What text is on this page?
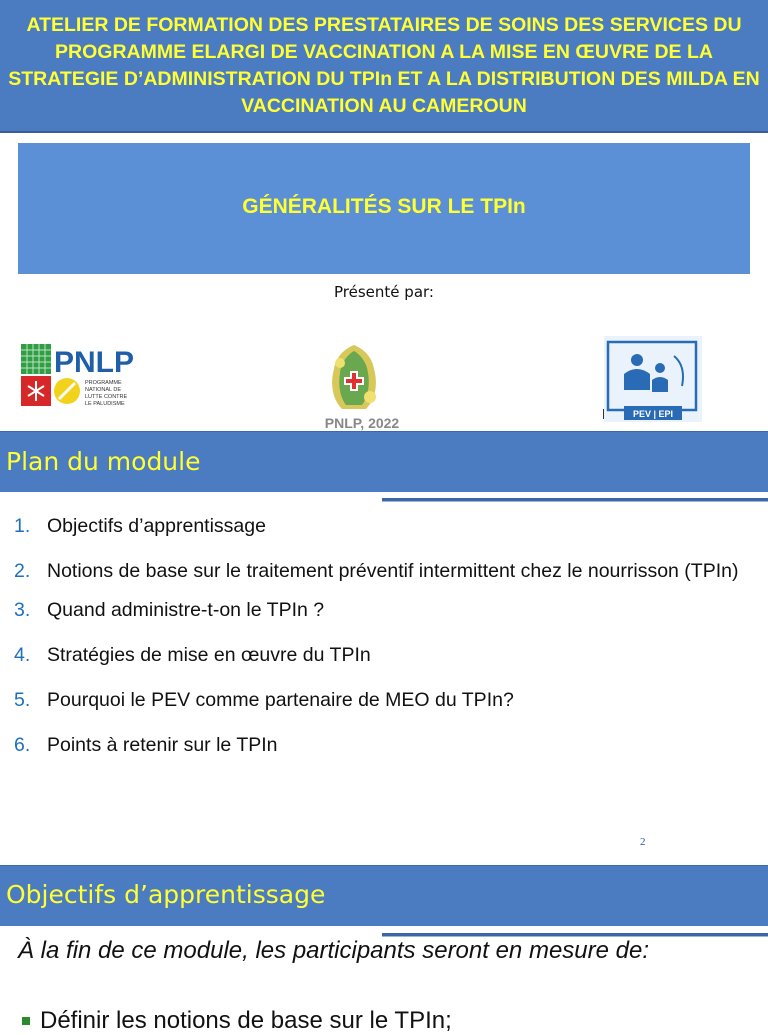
ATELIER DE FORMATION DES PRESTATAIRES DE SOINS DES SERVICES DU PROGRAMME ELARGI DE VACCINATION A LA MISE EN ŒUVRE DE LA STRATEGIE D’ADMINISTRATION DU TPIn ET A LA DISTRIBUTION DES MILDA EN VACCINATION AU CAMEROUN
GÉNÉRALITÉS SUR LE TPIn
Présenté par:
PNLP
PROGRAMME
NATIONAL DE
LUTTE CONTRE
LE PALUDISME
PNLP, 2022
PEV | EPI
Plan du module
1. Objectifs d’apprentissage
2. Notions de base sur le traitement préventif intermittent chez le nourrisson (TPIn)
3. Quand administre-t-on le TPIn ?
4. Stratégies de mise en œuvre du TPIn
5. Pourquoi le PEV comme partenaire de MEO du TPIn?
6. Points à retenir sur le TPIn
2
Objectifs d’apprentissage
À la fin de ce module, les participants seront en mesure de:
Définir les notions de base sur le TPIn;
